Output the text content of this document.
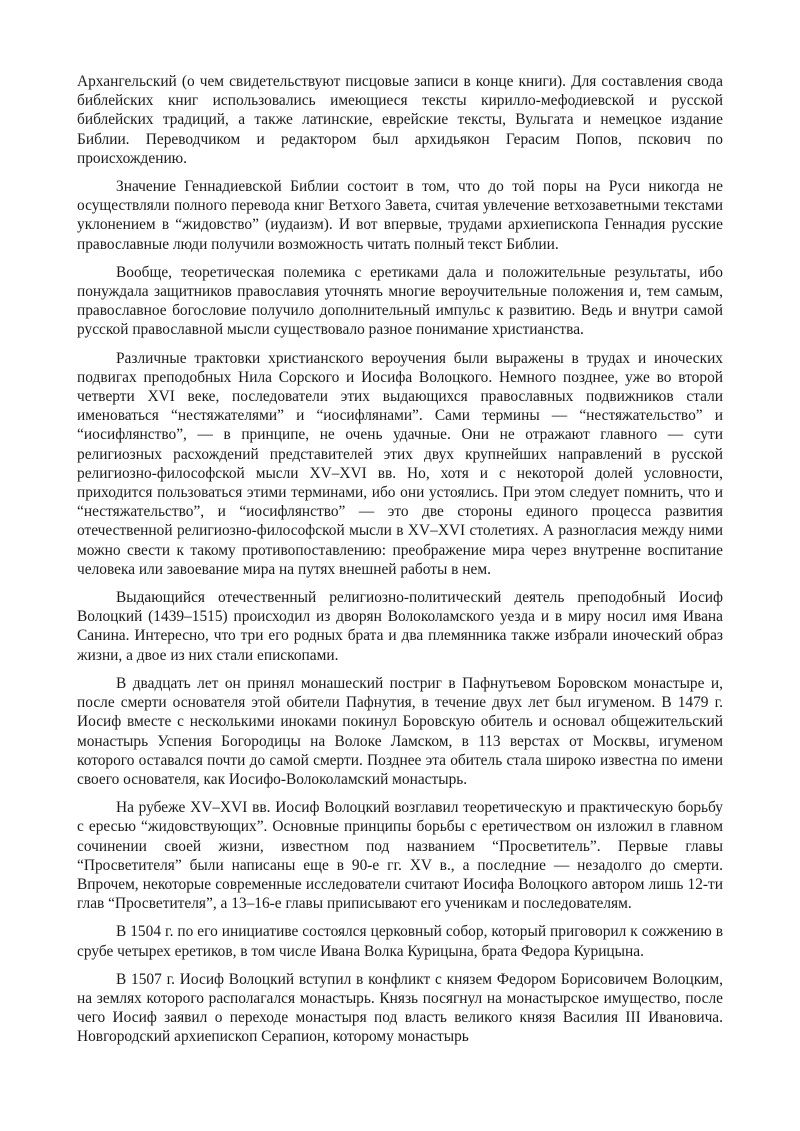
Архангельский (о чем свидетельствуют писцовые записи в конце книги). Для составления свода библейских книг использовались имеющиеся тексты кирилло-мефодиевской и русской библейских традиций, а также латинские, еврейские тексты, Вульгата и немецкое издание Библии. Переводчиком и редактором был архидьякон Герасим Попов, пскович по происхождению.

Значение Геннадиевской Библии состоит в том, что до той поры на Руси никогда не осуществляли полного перевода книг Ветхого Завета, считая увлечение ветхозаветными текстами уклонением в “жидовство” (иудаизм). И вот впервые, трудами архиепископа Геннадия русские православные люди получили возможность читать полный текст Библии.

Вообще, теоретическая полемика с еретиками дала и положительные результаты, ибо понуждала защитников православия уточнять многие вероучительные положения и, тем самым, православное богословие получило дополнительный импульс к развитию. Ведь и внутри самой русской православной мысли существовало разное понимание христианства.

Различные трактовки христианского вероучения были выражены в трудах и иноческих подвигах преподобных Нила Сорского и Иосифа Волоцкого. Немного позднее, уже во второй четверти XVI веке, последователи этих выдающихся православных подвижников стали именоваться “нестяжателями” и “иосифлянами”. Сами термины — “нестяжательство” и “иосифлянство”, — в принципе, не очень удачные. Они не отражают главного — сути религиозных расхождений представителей этих двух крупнейших направлений в русской религиозно-философской мысли XV–XVI вв. Но, хотя и с некоторой долей условности, приходится пользоваться этими терминами, ибо они устоялись. При этом следует помнить, что и “нестяжательство”, и “иосифлянство” — это две стороны единого процесса развития отечественной религиозно-философской мысли в XV–XVI столетиях. А разногласия между ними можно свести к такому противопоставлению: преображение мира через внутренне воспитание человека или завоевание мира на путях внешней работы в нем.

Выдающийся отечественный религиозно-политический деятель преподобный Иосиф Волоцкий (1439–1515) происходил из дворян Волоколамского уезда и в миру носил имя Ивана Санина. Интересно, что три его родных брата и два племянника также избрали иноческий образ жизни, а двое из них стали епископами.

В двадцать лет он принял монашеский постриг в Пафнутьевом Боровском монастыре и, после смерти основателя этой обители Пафнутия, в течение двух лет был игуменом. В 1479 г. Иосиф вместе с несколькими иноками покинул Боровскую обитель и основал общежительский монастырь Успения Богородицы на Волоке Ламском, в 113 верстах от Москвы, игуменом которого оставался почти до самой смерти. Позднее эта обитель стала широко известна по имени своего основателя, как Иосифо-Волоколамский монастырь.

На рубеже XV–XVI вв. Иосиф Волоцкий возглавил теоретическую и практическую борьбу с ересью “жидовствующих”. Основные принципы борьбы с еретичеством он изложил в главном сочинении своей жизни, известном под названием “Просветитель”. Первые главы “Просветителя” были написаны еще в 90-е гг. XV в., а последние — незадолго до смерти. Впрочем, некоторые современные исследователи считают Иосифа Волоцкого автором лишь 12-ти глав “Просветителя”, а 13–16-е главы приписывают его ученикам и последователям.

В 1504 г. по его инициативе состоялся церковный собор, который приговорил к сожжению в срубе четырех еретиков, в том числе Ивана Волка Курицына, брата Федора Курицына.

В 1507 г. Иосиф Волоцкий вступил в конфликт с князем Федором Борисовичем Волоцким, на землях которого располагался монастырь. Князь посягнул на монастырское имущество, после чего Иосиф заявил о переходе монастыря под власть великого князя Василия III Ивановича. Новгородский архиепископ Серапион, которому монастырь
